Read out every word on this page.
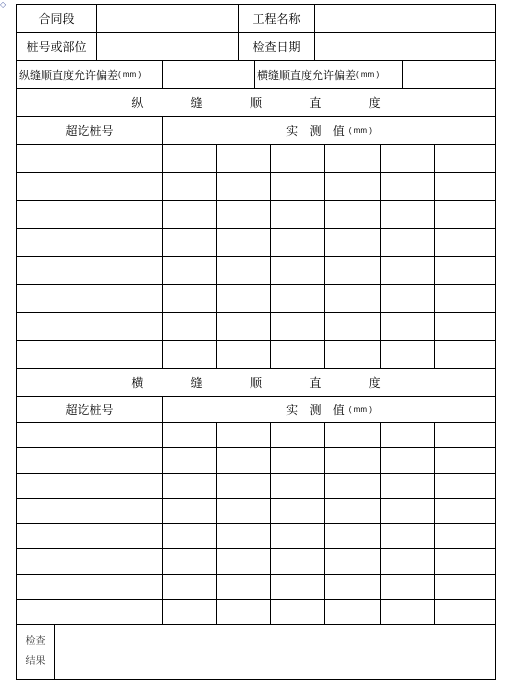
◇
合同段	工程名称
桩号或部位	检查日期
纵缝顺直度允许偏差 ( mm )	横缝顺直度允许偏差 ( mm )
纵 缝 顺 直 度
超讫桩号	实 测 值 ( mm )
横 缝 顺 直 度
超讫桩号	实 测 值 ( mm )
检查
结果
